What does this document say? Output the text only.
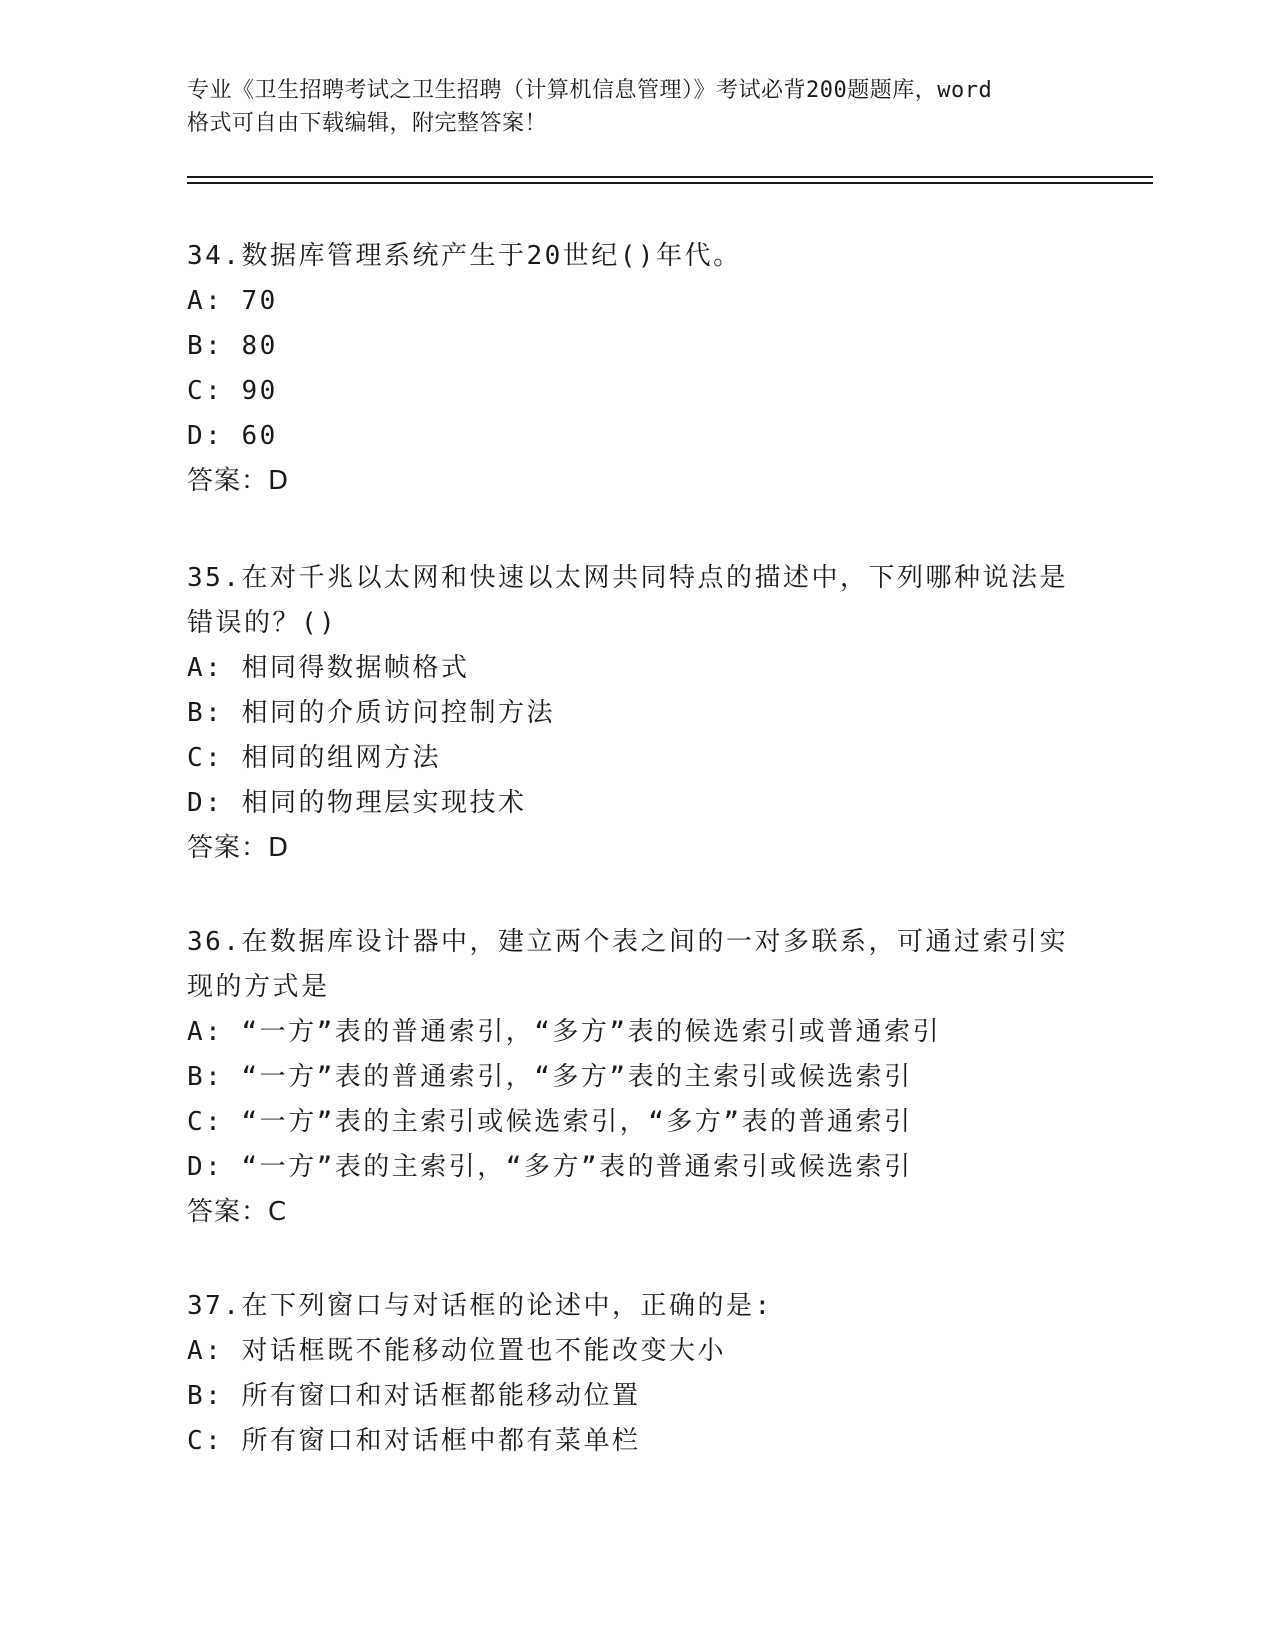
专业《卫生招聘考试之卫生招聘（计算机信息管理）》考试必背200题题库，word
格式可自由下载编辑，附完整答案！
34.数据库管理系统产生于20世纪()年代。
A: 70
B: 80
C: 90
D: 60
答案：D
35.在对千兆以太网和快速以太网共同特点的描述中，下列哪种说法是
错误的？()
A: 相同得数据帧格式
B: 相同的介质访问控制方法
C: 相同的组网方法
D: 相同的物理层实现技术
答案：D
36.在数据库设计器中，建立两个表之间的一对多联系，可通过索引实
现的方式是
A: “一方”表的普通索引，“多方”表的候选索引或普通索引
B: “一方”表的普通索引，“多方”表的主索引或候选索引
C: “一方”表的主索引或候选索引，“多方”表的普通索引
D: “一方”表的主索引，“多方”表的普通索引或候选索引
答案：C
37.在下列窗口与对话框的论述中，正确的是:
A: 对话框既不能移动位置也不能改变大小
B: 所有窗口和对话框都能移动位置
C: 所有窗口和对话框中都有菜单栏
